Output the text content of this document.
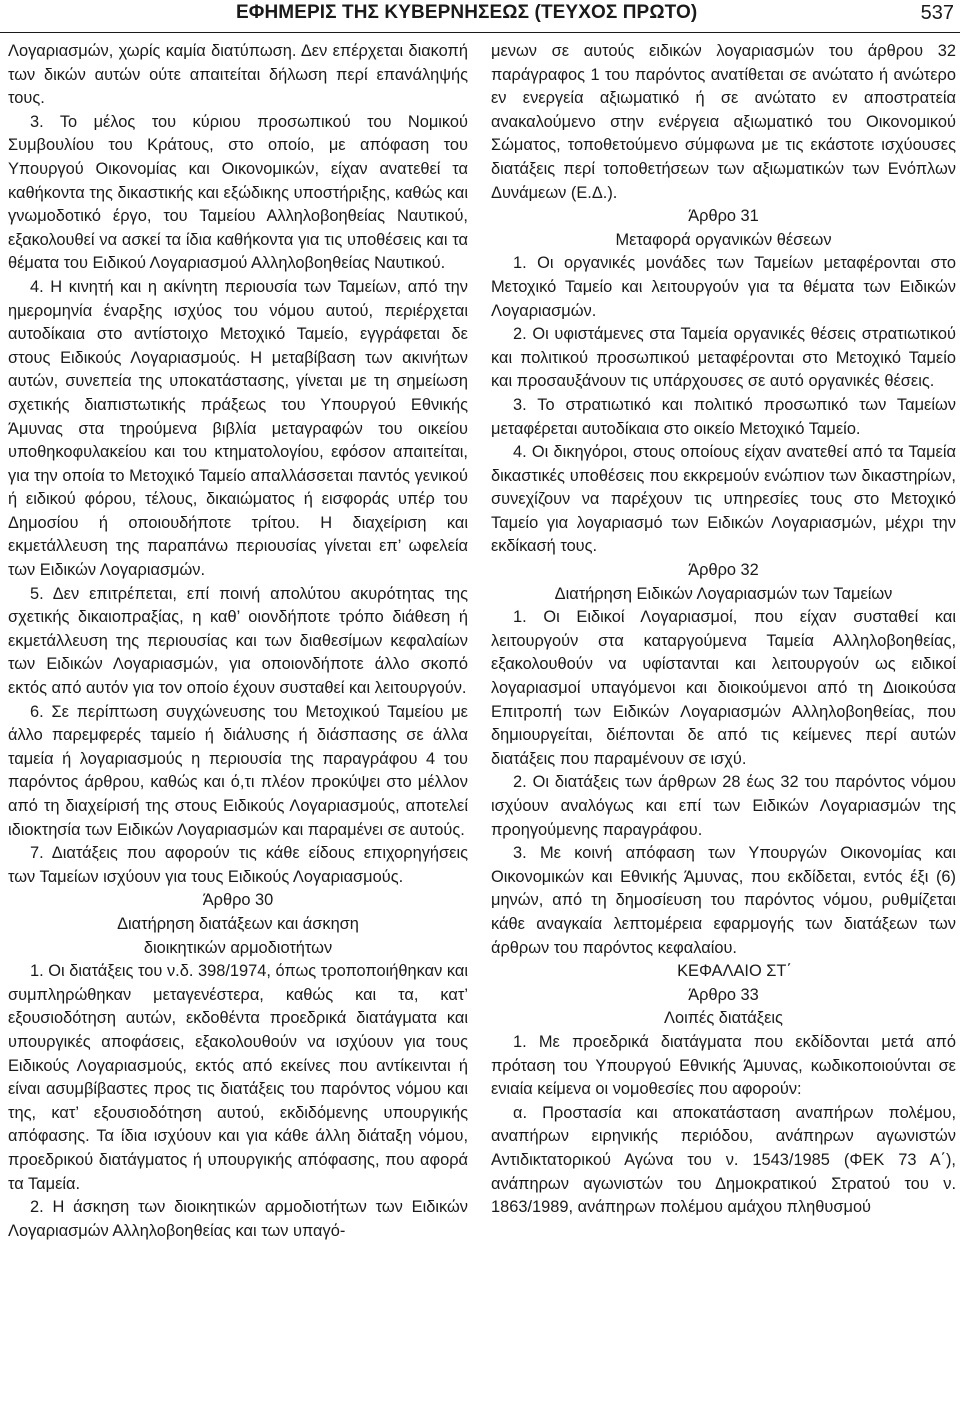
ΕΦΗΜΕΡΙΣ ΤΗΣ ΚΥΒΕΡΝΗΣΕΩΣ (ΤΕΥΧΟΣ ΠΡΩΤΟ)	537

Λογαριασμών, χωρίς καμία διατύπωση. Δεν επέρχεται διακοπή των δικών αυτών ούτε απαιτείται δήλωση περί επανάληψής τους.

3. Το μέλος του κύριου προσωπικού του Νομικού Συμβουλίου του Κράτους, στο οποίο, με απόφαση του Υπουργού Οικονομίας και Οικονομικών, είχαν ανατεθεί τα καθήκοντα της δικαστικής και εξώδικης υποστήριξης, καθώς και γνωμοδοτικό έργο, του Ταμείου Αλληλοβοηθείας Ναυτικού, εξακολουθεί να ασκεί τα ίδια καθήκοντα για τις υποθέσεις και τα θέματα του Ειδικού Λογαριασμού Αλληλοβοηθείας Ναυτικού.

4. Η κινητή και η ακίνητη περιουσία των Ταμείων, από την ημερομηνία έναρξης ισχύος του νόμου αυτού, περιέρχεται αυτοδίκαια στο αντίστοιχο Μετοχικό Ταμείο, εγγράφεται δε στους Ειδικούς Λογαριασμούς. Η μεταβίβαση των ακινήτων αυτών, συνεπεία της υποκατάστασης, γίνεται με τη σημείωση σχετικής διαπιστωτικής πράξεως του Υπουργού Εθνικής Άμυνας στα τηρούμενα βιβλία μεταγραφών του οικείου υποθηκοφυλακείου και του κτηματολογίου, εφόσον απαιτείται, για την οποία το Μετοχικό Ταμείο απαλλάσσεται παντός γενικού ή ειδικού φόρου, τέλους, δικαιώματος ή εισφοράς υπέρ του Δημοσίου ή οποιουδήποτε τρίτου. Η διαχείριση και εκμετάλλευση της παραπάνω περιουσίας γίνεται επ’ ωφελεία των Ειδικών Λογαριασμών.

5. Δεν επιτρέπεται, επί ποινή απολύτου ακυρότητας της σχετικής δικαιοπραξίας, η καθ’ οιονδήποτε τρόπο διάθεση ή εκμετάλλευση της περιουσίας και των διαθεσίμων κεφαλαίων των Ειδικών Λογαριασμών, για οποιονδήποτε άλλο σκοπό εκτός από αυτόν για τον οποίο έχουν συσταθεί και λειτουργούν.

6. Σε περίπτωση συγχώνευσης του Μετοχικού Ταμείου με άλλο παρεμφερές ταμείο ή διάλυσης ή διάσπασης σε άλλα ταμεία ή λογαριασμούς η περιουσία της παραγράφου 4 του παρόντος άρθρου, καθώς και ό,τι πλέον προκύψει στο μέλλον από τη διαχείρισή της στους Ειδικούς Λογαριασμούς, αποτελεί ιδιοκτησία των Ειδικών Λογαριασμών και παραμένει σε αυτούς.

7. Διατάξεις που αφορούν τις κάθε είδους επιχορηγήσεις των Ταμείων ισχύουν για τους Ειδικούς Λογαριασμούς.

Άρθρο 30

Διατήρηση διατάξεων και άσκηση

διοικητικών αρμοδιοτήτων

1. Οι διατάξεις του ν.δ. 398/1974, όπως τροποποιήθηκαν και συμπληρώθηκαν μεταγενέστερα, καθώς και τα, κατ’ εξουσιοδότηση αυτών, εκδοθέντα προεδρικά διατάγματα και υπουργικές αποφάσεις, εξακολουθούν να ισχύουν για τους Ειδικούς Λογαριασμούς, εκτός από εκείνες που αντίκεινται ή είναι ασυμβίβαστες προς τις διατάξεις του παρόντος νόμου και της, κατ’ εξουσιοδότηση αυτού, εκδιδόμενης υπουργικής απόφασης. Τα ίδια ισχύουν και για κάθε άλλη διάταξη νόμου, προεδρικού διατάγματος ή υπουργικής απόφασης, που αφορά τα Ταμεία.

2. Η άσκηση των διοικητικών αρμοδιοτήτων των Ειδικών Λογαριασμών Αλληλοβοηθείας και των υπαγό-

μενων σε αυτούς ειδικών λογαριασμών του άρθρου 32 παράγραφος 1 του παρόντος ανατίθεται σε ανώτατο ή ανώτερο εν ενεργεία αξιωματικό ή σε ανώτατο εν αποστρατεία ανακαλούμενο στην ενέργεια αξιωματικό του Οικονομικού Σώματος, τοποθετούμενο σύμφωνα με τις εκάστοτε ισχύουσες διατάξεις περί τοποθετήσεων των αξιωματικών των Ενόπλων Δυνάμεων (Ε.Δ.).

Άρθρο 31

Μεταφορά οργανικών θέσεων

1. Οι οργανικές μονάδες των Ταμείων μεταφέρονται στο Μετοχικό Ταμείο και λειτουργούν για τα θέματα των Ειδικών Λογαριασμών.

2. Οι υφιστάμενες στα Ταμεία οργανικές θέσεις στρατιωτικού και πολιτικού προσωπικού μεταφέρονται στο Μετοχικό Ταμείο και προσαυξάνουν τις υπάρχουσες σε αυτό οργανικές θέσεις.

3. Το στρατιωτικό και πολιτικό προσωπικό των Ταμείων μεταφέρεται αυτοδίκαια στο οικείο Μετοχικό Ταμείο.

4. Οι δικηγόροι, στους οποίους είχαν ανατεθεί από τα Ταμεία δικαστικές υποθέσεις που εκκρεμούν ενώπιον των δικαστηρίων, συνεχίζουν να παρέχουν τις υπηρεσίες τους στο Μετοχικό Ταμείο για λογαριασμό των Ειδικών Λογαριασμών, μέχρι την εκδίκασή τους.

Άρθρο 32

Διατήρηση Ειδικών Λογαριασμών των Ταμείων

1. Οι Ειδικοί Λογαριασμοί, που είχαν συσταθεί και λειτουργούν στα καταργούμενα Ταμεία Αλληλοβοηθείας, εξακολουθούν να υφίστανται και λειτουργούν ως ειδικοί λογαριασμοί υπαγόμενοι και διοικούμενοι από τη Διοικούσα Επιτροπή των Ειδικών Λογαριασμών Αλληλοβοηθείας, που δημιουργείται, διέπονται δε από τις κείμενες περί αυτών διατάξεις που παραμένουν σε ισχύ.

2. Οι διατάξεις των άρθρων 28 έως 32 του παρόντος νόμου ισχύουν αναλόγως και επί των Ειδικών Λογαριασμών της προηγούμενης παραγράφου.

3. Με κοινή απόφαση των Υπουργών Οικονομίας και Οικονομικών και Εθνικής Άμυνας, που εκδίδεται, εντός έξι (6) μηνών, από τη δημοσίευση του παρόντος νόμου, ρυθμίζεται κάθε αναγκαία λεπτομέρεια εφαρμογής των διατάξεων των άρθρων του παρόντος κεφαλαίου.

ΚΕΦΑΛΑΙΟ ΣΤ΄

Άρθρο 33

Λοιπές διατάξεις

1. Με προεδρικά διατάγματα που εκδίδονται μετά από πρόταση του Υπουργού Εθνικής Άμυνας, κωδικοποιούνται σε ενιαία κείμενα οι νομοθεσίες που αφορούν:

α. Προστασία και αποκατάσταση αναπήρων πολέμου, αναπήρων ειρηνικής περιόδου, ανάπηρων αγωνιστών Αντιδικτατορικού Αγώνα του ν. 1543/1985 (ΦΕΚ 73 Α΄), ανάπηρων αγωνιστών του Δημοκρατικού Στρατού του ν. 1863/1989, ανάπηρων πολέμου αμάχου πληθυσμού
